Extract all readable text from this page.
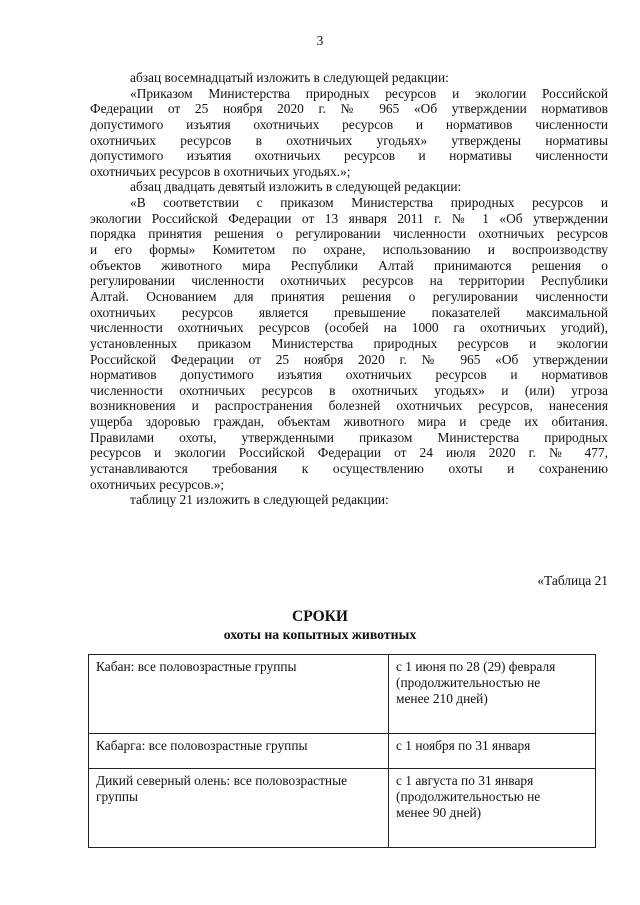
3
абзац восемнадцатый изложить в следующей редакции:
«Приказом Министерства природных ресурсов и экологии Российской
Федерации от 25 ноября 2020 г. № 965 «Об утверждении нормативов
допустимого изъятия охотничьих ресурсов и нормативов численности
охотничьих ресурсов в охотничьих угодьях» утверждены нормативы
допустимого изъятия охотничьих ресурсов и нормативы численности
охотничьих ресурсов в охотничьих угодьях.»;
абзац двадцать девятый изложить в следующей редакции:
«В соответствии с приказом Министерства природных ресурсов и
экологии Российской Федерации от 13 января 2011 г. № 1 «Об утверждении
порядка принятия решения о регулировании численности охотничьих ресурсов
и его формы» Комитетом по охране, использованию и воспроизводству
объектов животного мира Республики Алтай принимаются решения о
регулировании численности охотничьих ресурсов на территории Республики
Алтай. Основанием для принятия решения о регулировании численности
охотничьих ресурсов является превышение показателей максимальной
численности охотничьих ресурсов (особей на 1000 га охотничьих угодий),
установленных приказом Министерства природных ресурсов и экологии
Российской Федерации от 25 ноября 2020 г. № 965 «Об утверждении
нормативов допустимого изъятия охотничьих ресурсов и нормативов
численности охотничьих ресурсов в охотничьих угодьях» и (или) угроза
возникновения и распространения болезней охотничьих ресурсов, нанесения
ущерба здоровью граждан, объектам животного мира и среде их обитания.
Правилами охоты, утвержденными приказом Министерства природных
ресурсов и экологии Российской Федерации от 24 июля 2020 г. № 477,
устанавливаются требования к осуществлению охоты и сохранению
охотничьих ресурсов.»;
таблицу 21 изложить в следующей редакции:
«Таблица 21
СРОКИ
охоты на копытных животных
Кабан: все половозрастные группы	с 1 июня по 28 (29) февраля
(продолжительностью не
менее 210 дней)

Кабарга: все половозрастные группы	с 1 ноября по 31 января

Дикий северный олень: все половозрастные
группы	с 1 августа по 31 января
(продолжительностью не
менее 90 дней)
